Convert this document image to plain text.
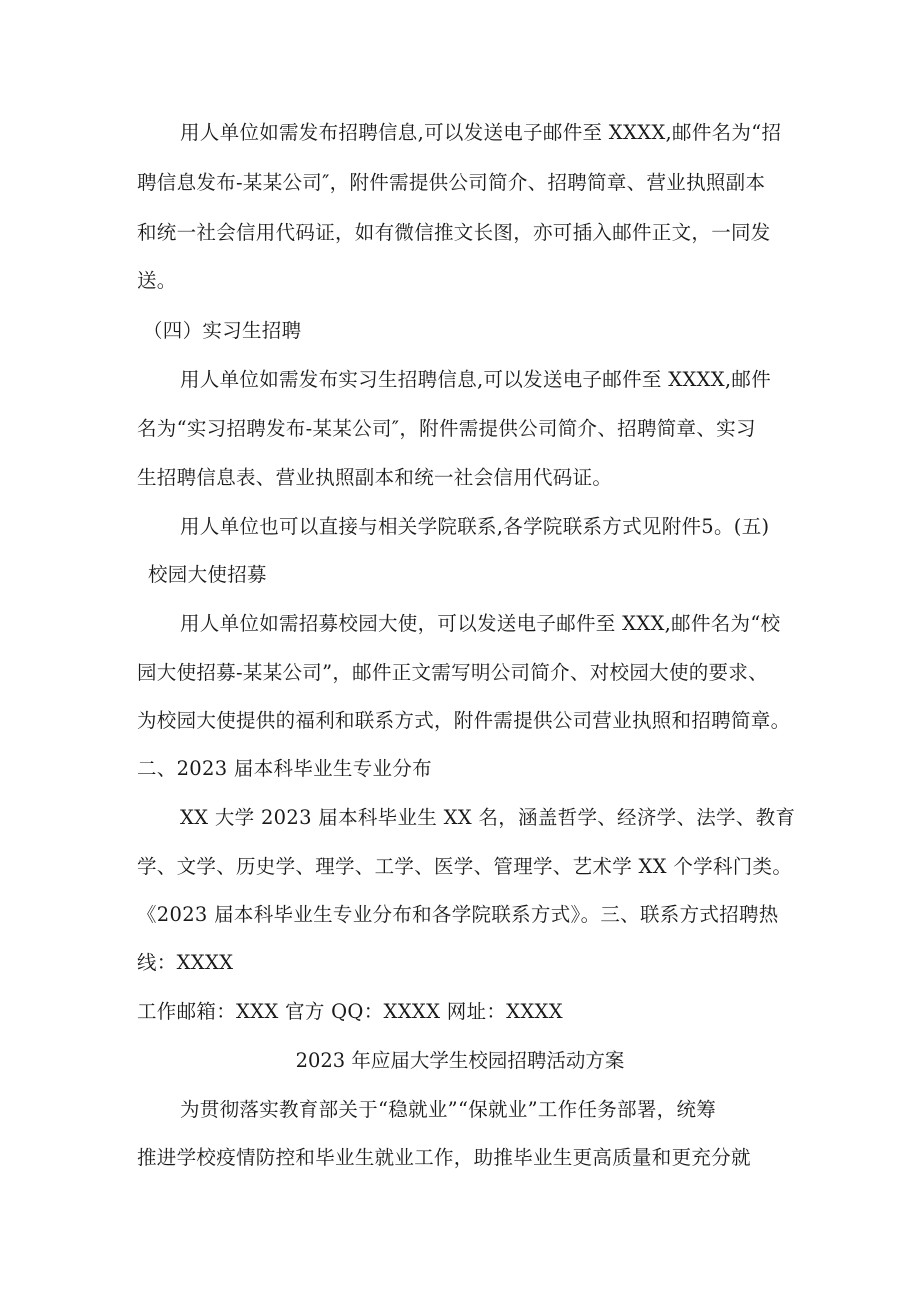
用人单位如需发布招聘信息,可以发送电子邮件至 XXXX,邮件名为“招
聘信息发布-某某公司″，附件需提供公司简介、招聘简章、营业执照副本
和统一社会信用代码证，如有微信推文长图，亦可插入邮件正文，一同发
送。
（四）实习生招聘
用人单位如需发布实习生招聘信息,可以发送电子邮件至 XXXX,邮件
名为“实习招聘发布-某某公司″，附件需提供公司简介、招聘简章、实习
生招聘信息表、营业执照副本和统一社会信用代码证。
用人单位也可以直接与相关学院联系,各学院联系方式见附件5。(五)
校园大使招募
用人单位如需招募校园大使，可以发送电子邮件至 XXX,邮件名为“校
园大使招募-某某公司”，邮件正文需写明公司简介、对校园大使的要求、
为校园大使提供的福利和联系方式，附件需提供公司营业执照和招聘简章。
二、2023 届本科毕业生专业分布
XX 大学 2023 届本科毕业生 XX 名，涵盖哲学、经济学、法学、教育
学、文学、历史学、理学、工学、医学、管理学、艺术学 XX 个学科门类。
《2023 届本科毕业生专业分布和各学院联系方式》。三、联系方式招聘热
线：XXXX
工作邮箱：XXX 官方 QQ：XXXX 网址：XXXX
2023 年应届大学生校园招聘活动方案
为贯彻落实教育部关于“稳就业”“保就业”工作任务部署，统筹
推进学校疫情防控和毕业生就业工作，助推毕业生更高质量和更充分就
